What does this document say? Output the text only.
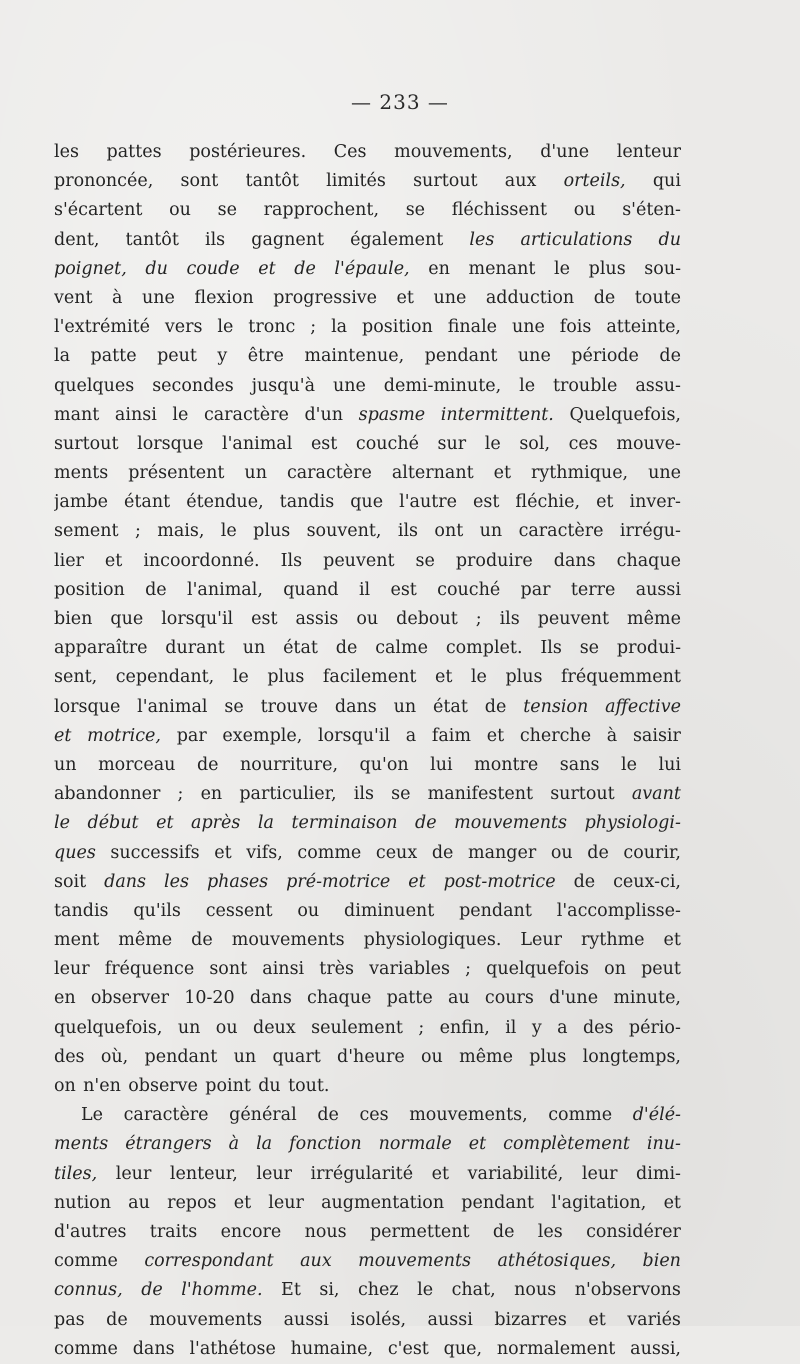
— 233 —
les pattes postérieures. Ces mouvements, d'une lenteur
prononcée, sont tantôt limités surtout aux orteils, qui
s'écartent ou se rapprochent, se fléchissent ou s'éten-
dent, tantôt ils gagnent également les articulations du
poignet, du coude et de l'épaule, en menant le plus sou-
vent à une flexion progressive et une adduction de toute
l'extrémité vers le tronc ; la position finale une fois atteinte,
la patte peut y être maintenue, pendant une période de
quelques secondes jusqu'à une demi-minute, le trouble assu-
mant ainsi le caractère d'un spasme intermittent. Quelquefois,
surtout lorsque l'animal est couché sur le sol, ces mouve-
ments présentent un caractère alternant et rythmique, une
jambe étant étendue, tandis que l'autre est fléchie, et inver-
sement ; mais, le plus souvent, ils ont un caractère irrégu-
lier et incoordonné. Ils peuvent se produire dans chaque
position de l'animal, quand il est couché par terre aussi
bien que lorsqu'il est assis ou debout ; ils peuvent même
apparaître durant un état de calme complet. Ils se produi-
sent, cependant, le plus facilement et le plus fréquemment
lorsque l'animal se trouve dans un état de tension affective
et motrice, par exemple, lorsqu'il a faim et cherche à saisir
un morceau de nourriture, qu'on lui montre sans le lui
abandonner ; en particulier, ils se manifestent surtout avant
le début et après la terminaison de mouvements physiologi-
ques successifs et vifs, comme ceux de manger ou de courir,
soit dans les phases pré-motrice et post-motrice de ceux-ci,
tandis qu'ils cessent ou diminuent pendant l'accomplisse-
ment même de mouvements physiologiques. Leur rythme et
leur fréquence sont ainsi très variables ; quelquefois on peut
en observer 10-20 dans chaque patte au cours d'une minute,
quelquefois, un ou deux seulement ; enfin, il y a des pério-
des où, pendant un quart d'heure ou même plus longtemps,
on n'en observe point du tout.
Le caractère général de ces mouvements, comme d'élé-
ments étrangers à la fonction normale et complètement inu-
tiles, leur lenteur, leur irrégularité et variabilité, leur dimi-
nution au repos et leur augmentation pendant l'agitation, et
d'autres traits encore nous permettent de les considérer
comme correspondant aux mouvements athétosiques, bien
connus, de l'homme. Et si, chez le chat, nous n'observons
pas de mouvements aussi isolés, aussi bizarres et variés
comme dans l'athétose humaine, c'est que, normalement aussi,
